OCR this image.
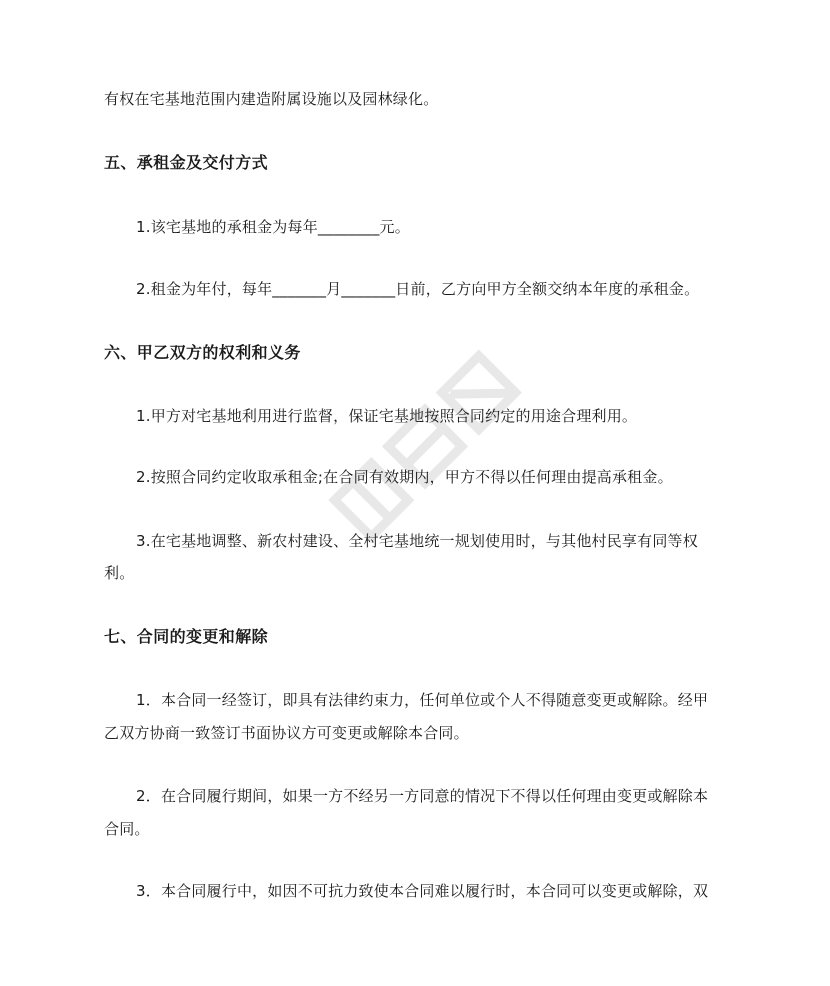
有权在宅基地范围内建造附属设施以及园林绿化。

五、承租金及交付方式

1.该宅基地的承租金为每年________元。

2.租金为年付，每年_______月_______日前，乙方向甲方全额交纳本年度的承租金。

六、甲乙双方的权利和义务

1.甲方对宅基地利用进行监督，保证宅基地按照合同约定的用途合理利用。

2.按照合同约定收取承租金;在合同有效期内，甲方不得以任何理由提高承租金。

3.在宅基地调整、新农村建设、全村宅基地统一规划使用时，与其他村民享有同等权

利。

七、合同的变更和解除

1．本合同一经签订，即具有法律约束力，任何单位或个人不得随意变更或解除。经甲

乙双方协商一致签订书面协议方可变更或解除本合同。

2．在合同履行期间，如果一方不经另一方同意的情况下不得以任何理由变更或解除本

合同。

3．本合同履行中，如因不可抗力致使本合同难以履行时，本合同可以变更或解除，双
